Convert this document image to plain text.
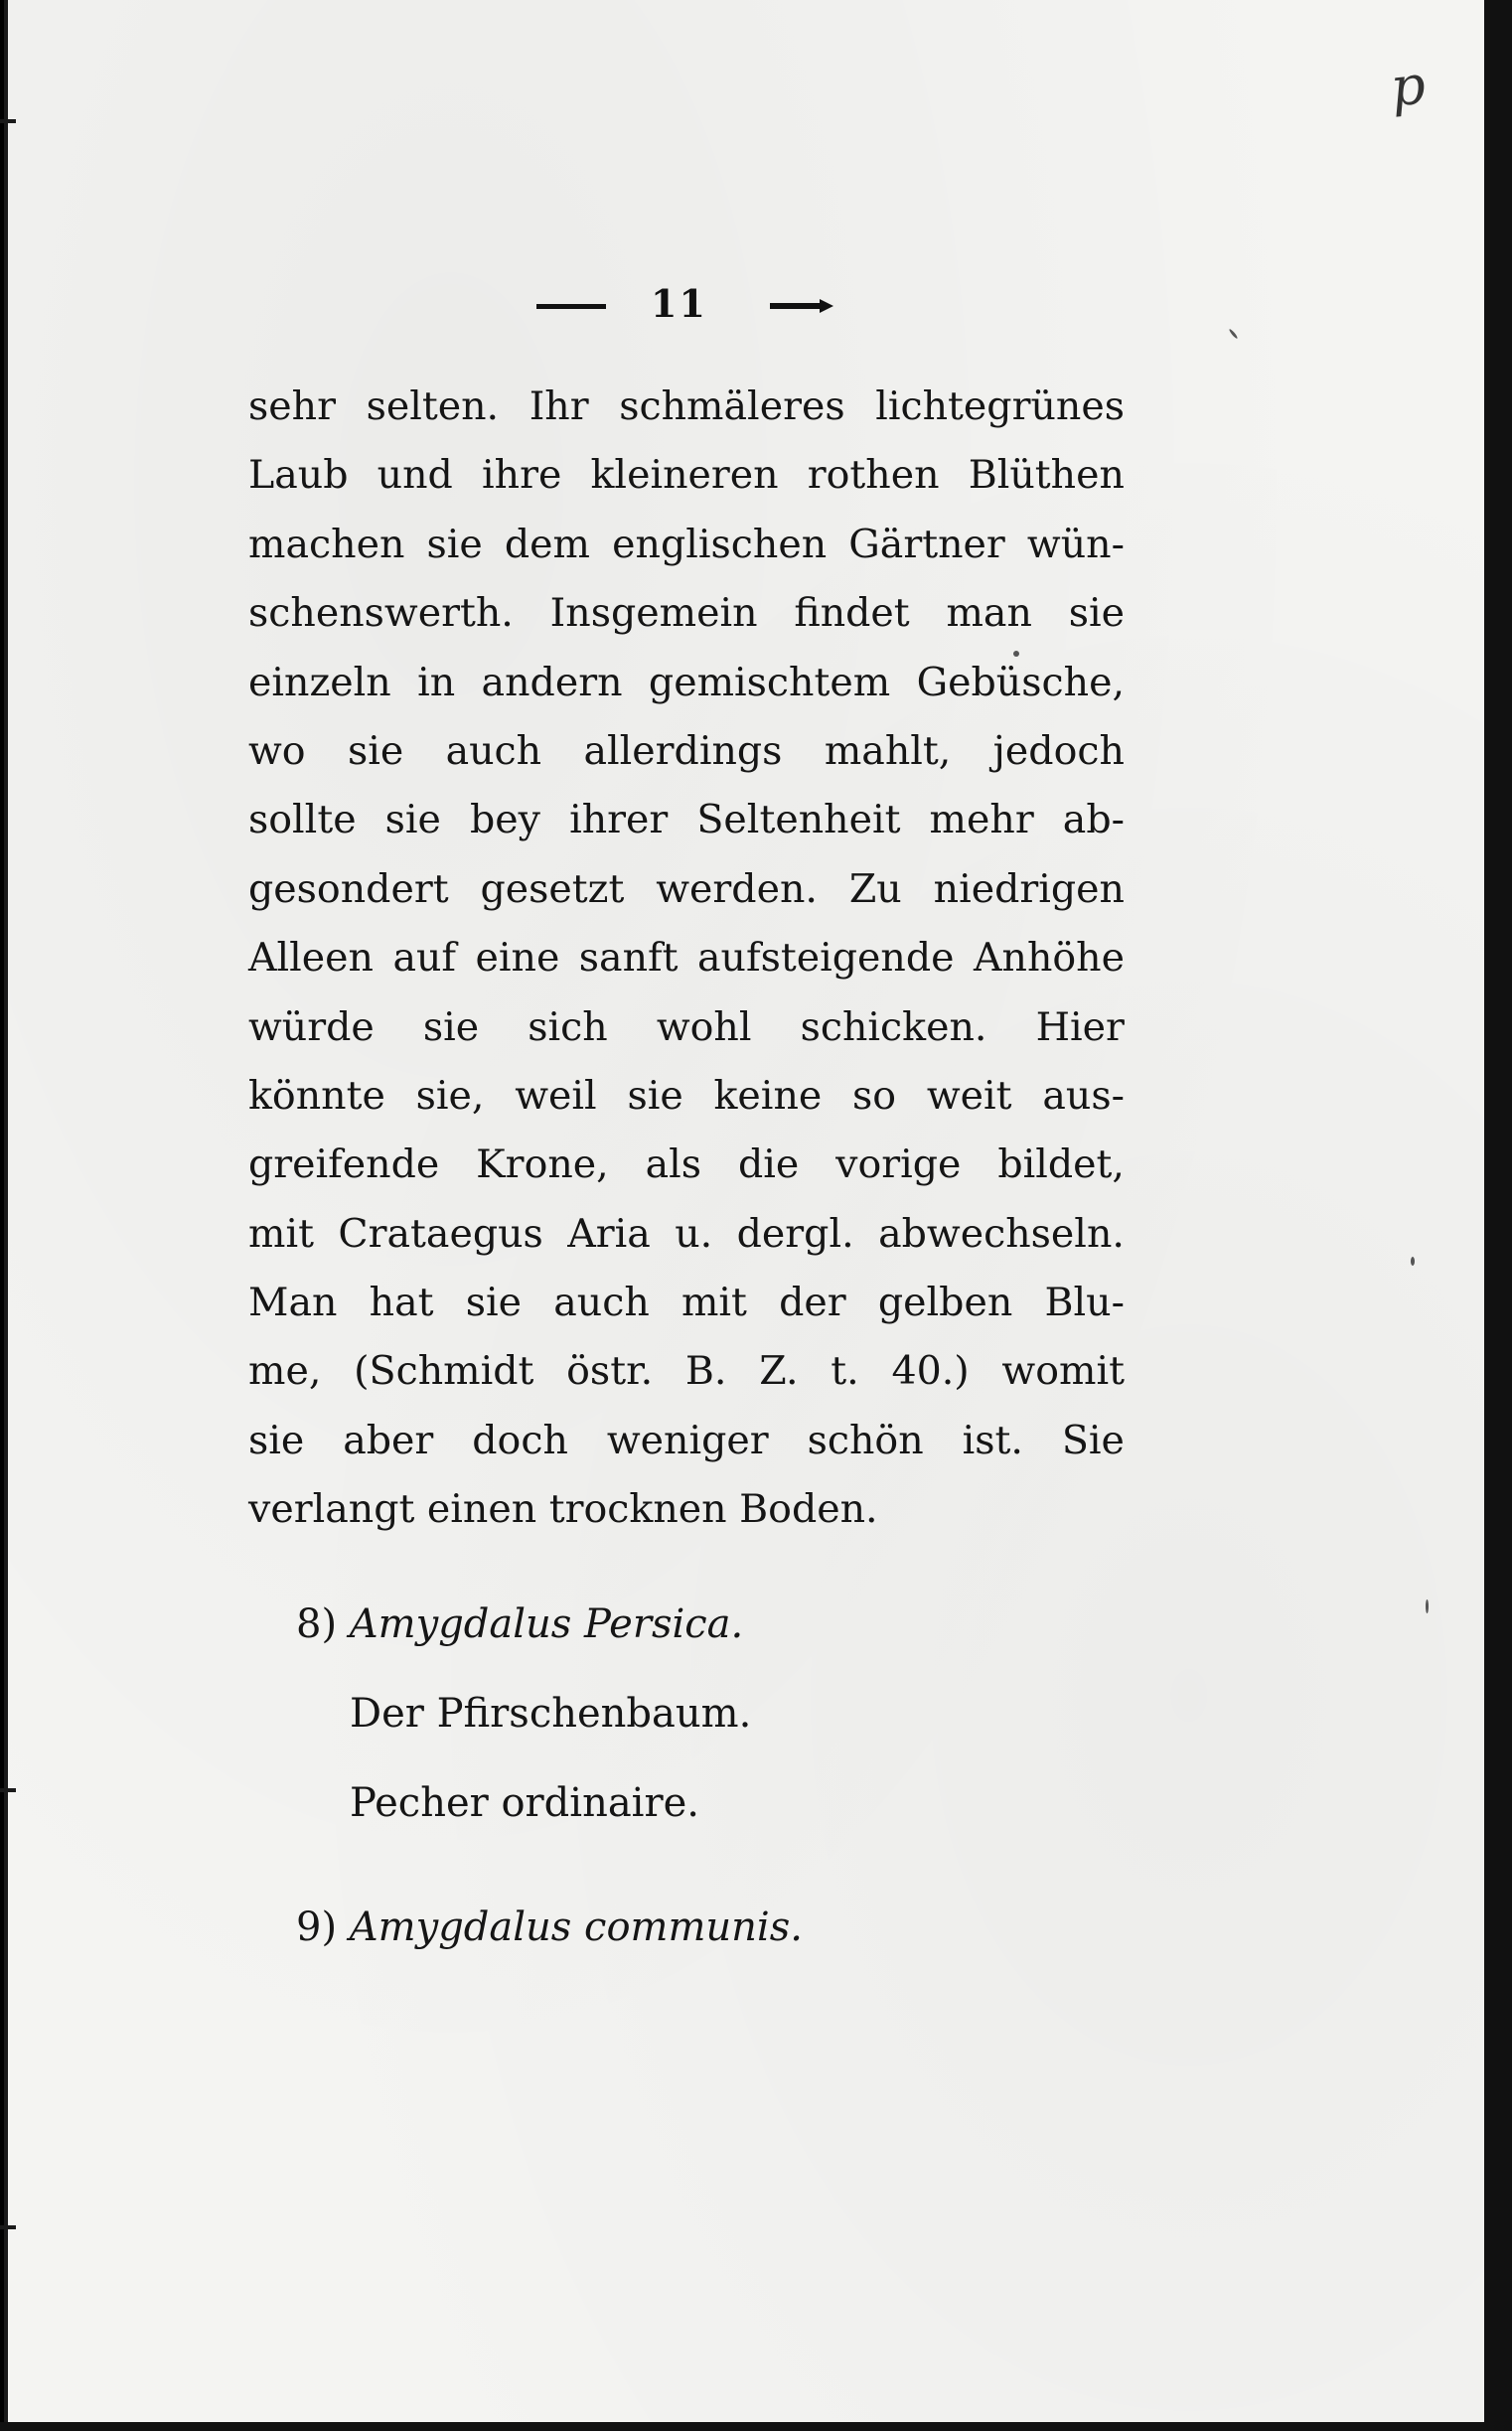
p
11
sehr selten. Ihr schmäleres lichtegrünes
Laub und ihre kleineren rothen Blüthen
machen sie dem englischen Gärtner wün-
schenswerth. Insgemein findet man sie
einzeln in andern gemischtem Gebüsche,
wo sie auch allerdings mahlt, jedoch
sollte sie bey ihrer Seltenheit mehr ab-
gesondert gesetzt werden. Zu niedrigen
Alleen auf eine sanft aufsteigende Anhöhe
würde sie sich wohl schicken. Hier
könnte sie, weil sie keine so weit aus-
greifende Krone, als die vorige bildet,
mit Crataegus Aria u. dergl. abwechseln.
Man hat sie auch mit der gelben Blu-
me, (Schmidt östr. B. Z. t. 40.) womit
sie aber doch weniger schön ist. Sie
verlangt einen trocknen Boden.
8) Amygdalus Persica.
Der Pfirschenbaum.
Pecher ordinaire.
9) Amygdalus communis.
